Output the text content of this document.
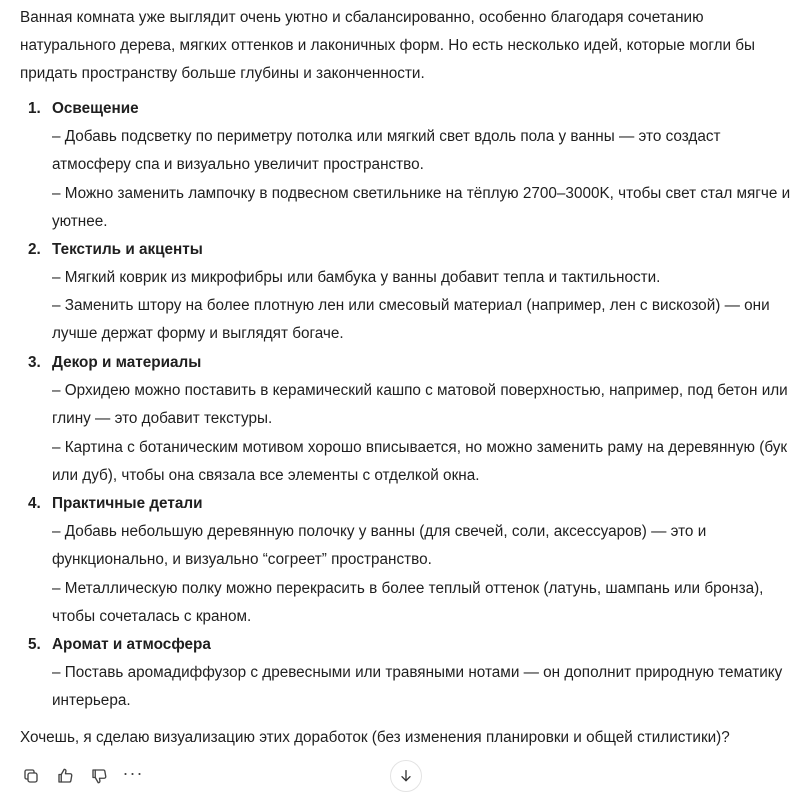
Ванная комната уже выглядит очень уютно и сбалансированно, особенно благодаря сочетанию натурального дерева, мягких оттенков и лаконичных форм. Но есть несколько идей, которые могли бы придать пространству больше глубины и законченности.

1. Освещение

– Добавь подсветку по периметру потолка или мягкий свет вдоль пола у ванны — это создаст атмосферу спа и визуально увеличит пространство.

– Можно заменить лампочку в подвесном светильнике на тёплую 2700–3000K, чтобы свет стал мягче и уютнее.

2. Текстиль и акценты

– Мягкий коврик из микрофибры или бамбука у ванны добавит тепла и тактильности.

– Заменить штору на более плотную лен или смесовый материал (например, лен с вискозой) — они лучше держат форму и выглядят богаче.

3. Декор и материалы

– Орхидею можно поставить в керамический кашпо с матовой поверхностью, например, под бетон или глину — это добавит текстуры.

– Картина с ботаническим мотивом хорошо вписывается, но можно заменить раму на деревянную (бук или дуб), чтобы она связала все элементы с отделкой окна.

4. Практичные детали

– Добавь небольшую деревянную полочку у ванны (для свечей, соли, аксессуаров) — это и функционально, и визуально “согреет” пространство.

– Металлическую полку можно перекрасить в более теплый оттенок (латунь, шампань или бронза), чтобы сочеталась с краном.

5. Аромат и атмосфера

– Поставь аромадиффузор с древесными или травяными нотами — он дополнит природную тематику интерьера.

Хочешь, я сделаю визуализацию этих доработок (без изменения планировки и общей стилистики)?

···
